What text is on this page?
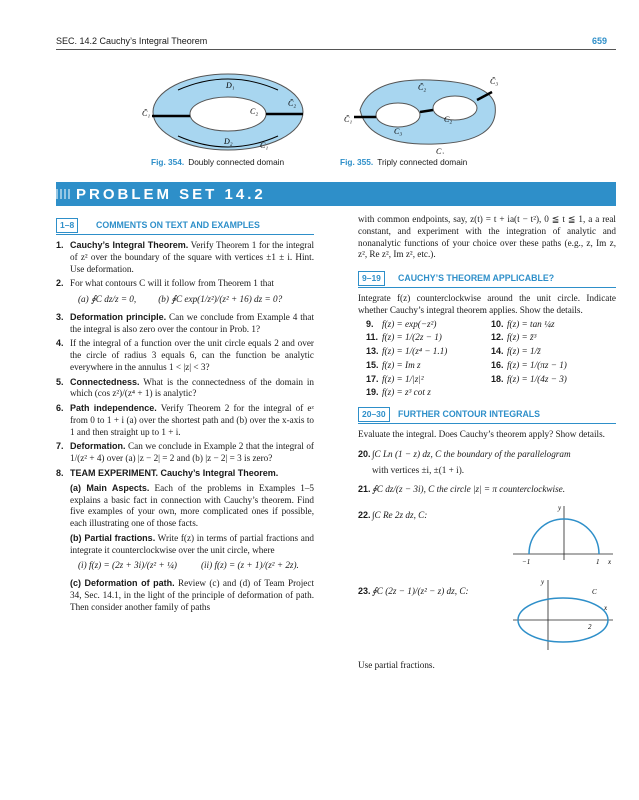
SEC. 14.2 Cauchy’s Integral Theorem	659
D₁
D₂
C̃₁
C̃₂
C₂
C₁
Fig. 354. Doubly connected domain
C̃₁
C̃₂
C̃₃
C₂
C₃
C₁
Fig. 355. Triply connected domain
PROBLEM SET 14.2
1–8	COMMENTS ON TEXT AND EXAMPLES
1. Cauchy’s Integral Theorem. Verify Theorem 1 for the integral of z² over the boundary of the square with vertices ±1 ± i. Hint. Use deformation.
2. For what contours C will it follow from Theorem 1 that
(a) ∮C dz/z = 0, (b) ∮C exp(1/z²)/(z² + 16) dz = 0?
3. Deformation principle. Can we conclude from Example 4 that the integral is also zero over the contour in Prob. 1?
4. If the integral of a function over the unit circle equals 2 and over the circle of radius 3 equals 6, can the function be analytic everywhere in the annulus 1 < |z| < 3?
5. Connectedness. What is the connectedness of the domain in which (cos z²)/(z⁴ + 1) is analytic?
6. Path independence. Verify Theorem 2 for the integral of eᶻ from 0 to 1 + i (a) over the shortest path and (b) over the x-axis to 1 and then straight up to 1 + i.
7. Deformation. Can we conclude in Example 2 that the integral of 1/(z² + 4) over (a) |z − 2| = 2 and (b) |z − 2| = 3 is zero?
8. TEAM EXPERIMENT. Cauchy’s Integral Theorem.
(a) Main Aspects. Each of the problems in Examples 1–5 explains a basic fact in connection with Cauchy’s theorem. Find five examples of your own, more complicated ones if possible, each illustrating one of those facts.
(b) Partial fractions. Write f(z) in terms of partial fractions and integrate it counterclockwise over the unit circle, where
(i) f(z) = (2z + 3i)/(z² + ¼)	(ii) f(z) = (z + 1)/(z² + 2z).
(c) Deformation of path. Review (c) and (d) of Team Project 34, Sec. 14.1, in the light of the principle of deformation of path. Then consider another family of paths
with common endpoints, say, z(t) = t + ia(t − t²), 0 ≦ t ≦ 1, a a real constant, and experiment with the integration of analytic and nonanalytic functions of your choice over these paths (e.g., z, Im z, z², Re z², Im z², etc.).
9–19	CAUCHY’S THEOREM APPLICABLE?
Integrate f(z) counterclockwise around the unit circle. Indicate whether Cauchy’s integral theorem applies. Show the details.
9. f(z) = exp(−z²)	10. f(z) = tan ¼z
11. f(z) = 1/(2z − 1)	12. f(z) = z̄³
13. f(z) = 1/(z⁴ − 1.1)	14. f(z) = 1/z̄
15. f(z) = Im z	16. f(z) = 1/(πz − 1)
17. f(z) = 1/|z|²	18. f(z) = 1/(4z − 3)
19. f(z) = z³ cot z
20–30	FURTHER CONTOUR INTEGRALS
Evaluate the integral. Does Cauchy’s theorem apply? Show details.
20. ∫C Ln (1 − z) dz, C the boundary of the parallelogram
with vertices ±i, ±(1 + i).
21. ∮C dz/(z − 3i), C the circle |z| = π counterclockwise.
22. ∫C Re 2z dz, C:
y
x
−1	1
23. ∮C (2z − 1)/(z² − z) dz, C:
y
x
C
2
Use partial fractions.
